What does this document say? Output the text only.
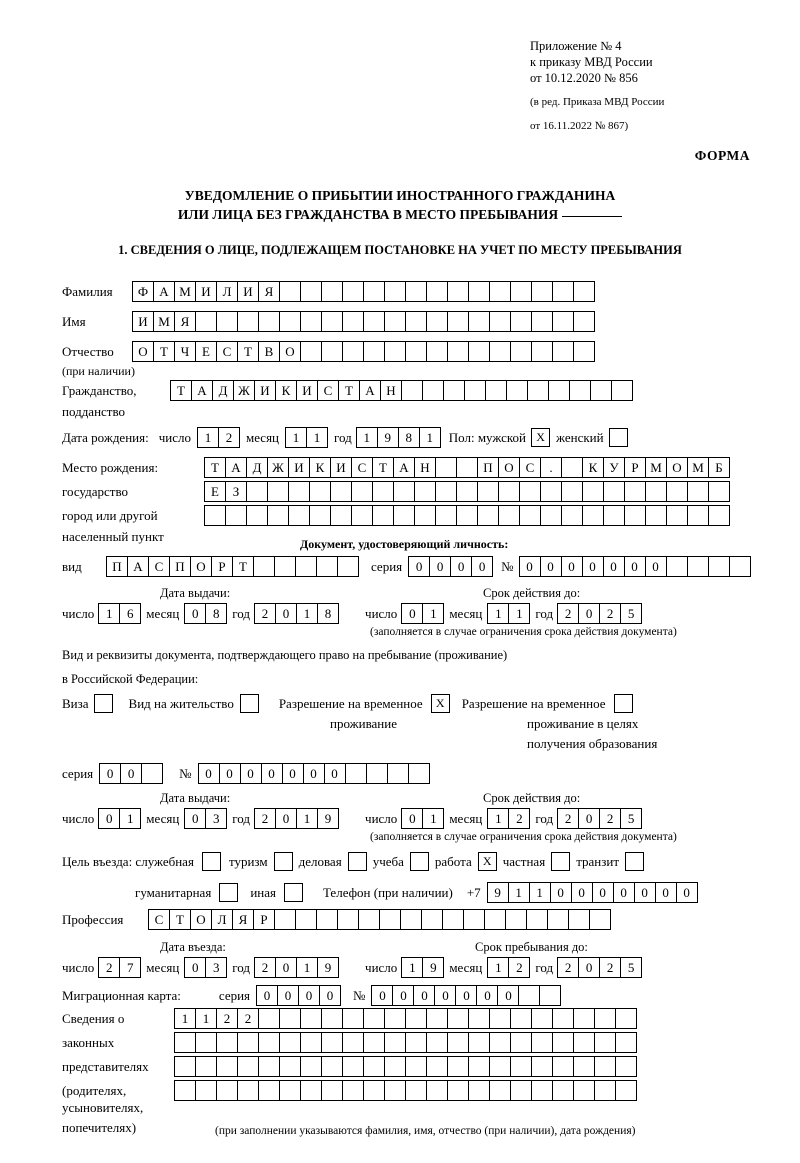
Приложение № 4
к приказу МВД России
от 10.12.2020 № 856
(в ред. Приказа МВД России
от 16.11.2022 № 867)
ФОРМА
УВЕДОМЛЕНИЕ О ПРИБЫТИИ ИНОСТРАННОГО ГРАЖДАНИНА
ИЛИ ЛИЦА БЕЗ ГРАЖДАНСТВА В МЕСТО ПРЕБЫВАНИЯ
1. СВЕДЕНИЯ О ЛИЦЕ, ПОДЛЕЖАЩЕМ ПОСТАНОВКЕ НА УЧЕТ ПО МЕСТУ ПРЕБЫВАНИЯ
Фамилия	Ф А М И Л И Я
Имя	И М Я
Отчество	О Т Ч Е С Т В О
(при наличии)
Гражданство,	Т А Д Ж И К И С Т А Н
подданство
Дата рождения: число	1	2	месяц	1	1	год 1	9	8	1	Пол: мужской X женский
Место рождения:	Т А Д Ж И К И С Т А Н	П О С	.	К У Р М О М Б
государство	Е	З
город или другой
населенный пункт	Документ, удостоверяющий личность:
вид	П А С П О Р	Т	серия	0	0	0	0	№ 0	0	0	0	0	0	0
Дата выдачи:	Срок действия до:
число 1	6 месяц 0	8 год 2	0	1	8	число 0	1 месяц 1	1 год 2	0	2	5
(заполняется в случае ограничения срока действия документа)
Вид и реквизиты документа, подтверждающего право на пребывание (проживание)
в Российской Федерации:
Виза	Вид на жительство	Разрешение на временное	X	Разрешение на временное
проживание	проживание в целях
получения образования
серия	0	0	№	0	0	0	0	0	0	0
Дата выдачи:	Срок действия до:
число 0	1 месяц 0	3 год 2	0	1	9	число 0	1 месяц 1	2 год 2	0	2	5
(заполняется в случае ограничения срока действия документа)
Цель въезда: служебная	туризм деловая учеба работа X частная транзит
гуманитарная	иная	Телефон (при наличии) +7	9	1	1	0	0	0	0	0	0	0
Профессия	С Т О Л Я	Р
Дата въезда:	Срок пребывания до:
число 2	7 месяц 0	3 год 2	0	1	9	число 1	9 месяц 1	2 год 2	0	2	5
Миграционная карта:	серия	0	0	0	0	№	0	0	0	0	0	0	0
Сведения о	1	1	2	2
законных
представителях
(родителях,
усыновителях,
попечителях)	(при заполнении указываются фамилия, имя, отчество (при наличии), дата рождения)
